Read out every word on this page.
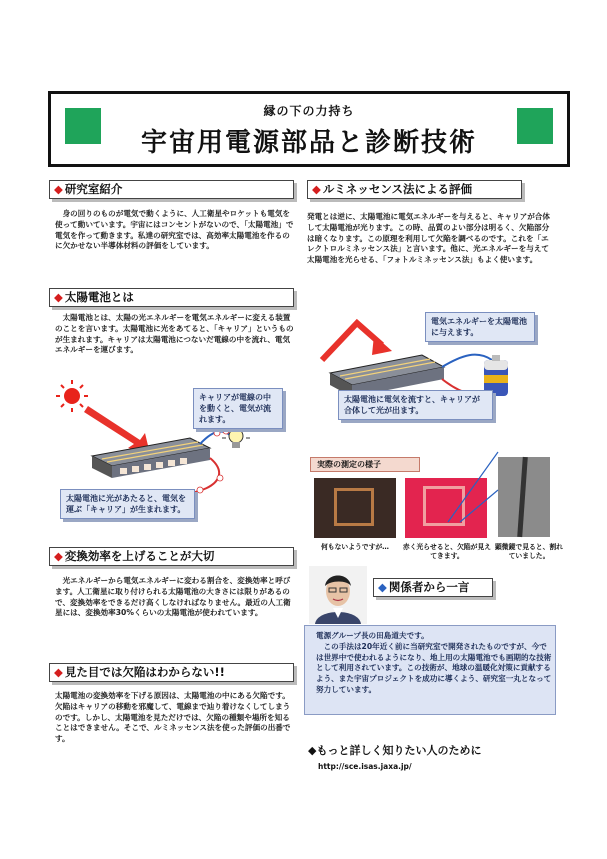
縁の下の力持ち
宇宙用電源部品と診断技術
◆ 研究室紹介
　身の回りのものが電気で動くように、人工衛星やロケットも電気を使って動いています。宇宙にはコンセントがないので、「太陽電池」で電気を作って動きます。私達の研究室では、高効率太陽電池を作るのに欠かせない半導体材料の評価をしています。
◆ 太陽電池とは
　太陽電池とは、太陽の光エネルギーを電気エネルギーに変える装置のことを言います。太陽電池に光をあてると、「キャリア」というものが生まれます。キャリアは太陽電池につないだ電線の中を流れ、電気エネルギーを運びます。
キャリアが電線の中を動くと、電気が流れます。
太陽電池に光があたると、電気を運ぶ「キャリア」が生まれます。
◆ 変換効率を上げることが大切
　光エネルギーから電気エネルギーに変わる割合を、変換効率と呼びます。人工衛星に取り付けられる太陽電池の大きさには限りがあるので、変換効率をできるだけ高くしなければなりません。最近の人工衛星には、変換効率30%くらいの太陽電池が使われています。
◆ 見た目では欠陥はわからない!!
太陽電池の変換効率を下げる原因は、太陽電池の中にある欠陥です。欠陥はキャリアの移動を邪魔して、電線まで辿り着けなくしてしまうのです。しかし、太陽電池を見ただけでは、欠陥の種類や場所を知ることはできません。そこで、ルミネッセンス法を使った評価の出番です。
◆ ルミネッセンス法による評価
発電とは逆に、太陽電池に電気エネルギーを与えると、キャリアが合体して太陽電池が光ります。この時、品質のよい部分は明るく、欠陥部分は暗くなります。この原理を利用して欠陥を調べるのです。これを「エレクトロルミネッセンス法」と言います。他に、光エネルギーを与えて太陽電池を光らせる、「フォトルミネッセンス法」もよく使います。
電気エネルギーを太陽電池に与えます。
太陽電池に電気を流すと、キャリアが合体して光が出ます。
実際の測定の様子
何もないようですが…	赤く光らせると、欠陥が見えてきます。
顕微鏡で見ると、割れていました。
◆ 関係者から一言
電源グループ長の田島道夫です。
　この手法は20年近く前に当研究室で開発されたものですが、今では世界中で使われるようになり、地上用の太陽電池でも画期的な技術として利用されています。この技術が、地球の温暖化対策に貢献するよう、また宇宙プロジェクトを成功に導くよう、研究室一丸となって努力しています。
◆もっと詳しく知りたい人のために
http://sce.isas.jaxa.jp/
